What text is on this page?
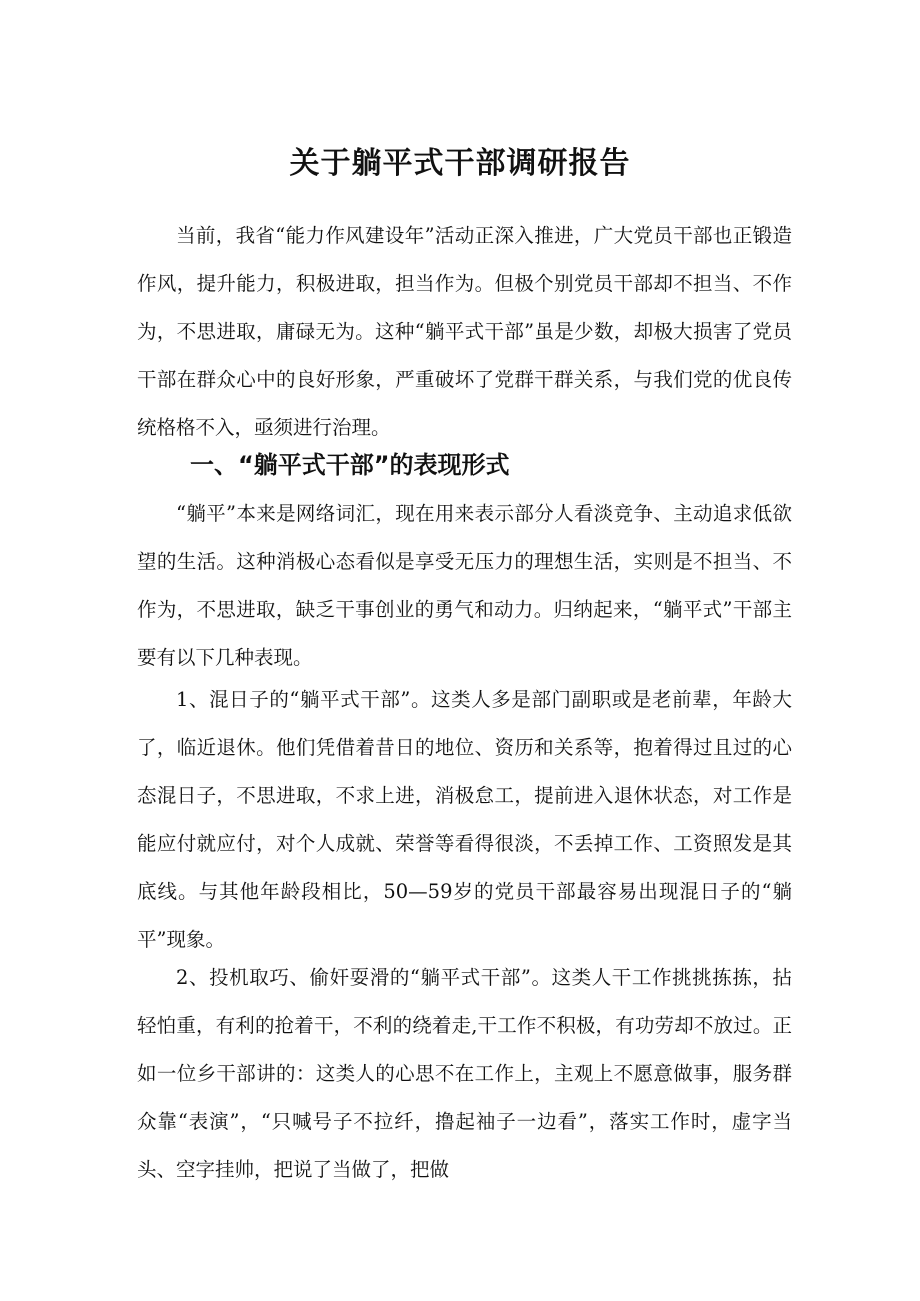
关于躺平式干部调研报告

当前，我省“能力作风建设年”活动正深入推进，广大党员干部也正锻造作风，提升能力，积极进取，担当作为。但极个别党员干部却不担当、不作为，不思进取，庸碌无为。这种“躺平式干部”虽是少数，却极大损害了党员干部在群众心中的良好形象，严重破坏了党群干群关系，与我们党的优良传统格格不入，亟须进行治理。

一、“躺平式干部”的表现形式

“躺平”本来是网络词汇，现在用来表示部分人看淡竞争、主动追求低欲望的生活。这种消极心态看似是享受无压力的理想生活，实则是不担当、不作为，不思进取，缺乏干事创业的勇气和动力。归纳起来，“躺平式”干部主要有以下几种表现。

1、混日子的“躺平式干部”。这类人多是部门副职或是老前辈，年龄大了，临近退休。他们凭借着昔日的地位、资历和关系等，抱着得过且过的心态混日子，不思进取，不求上进，消极怠工，提前进入退休状态，对工作是能应付就应付，对个人成就、荣誉等看得很淡，不丢掉工作、工资照发是其底线。与其他年龄段相比，50—59岁的党员干部最容易出现混日子的“躺平”现象。

2、投机取巧、偷奸耍滑的“躺平式干部”。这类人干工作挑挑拣拣，拈轻怕重，有利的抢着干，不利的绕着走,干工作不积极，有功劳却不放过。正如一位乡干部讲的：这类人的心思不在工作上，主观上不愿意做事，服务群众靠“表演”，“只喊号子不拉纤，撸起袖子一边看”，落实工作时，虚字当头、空字挂帅，把说了当做了，把做
